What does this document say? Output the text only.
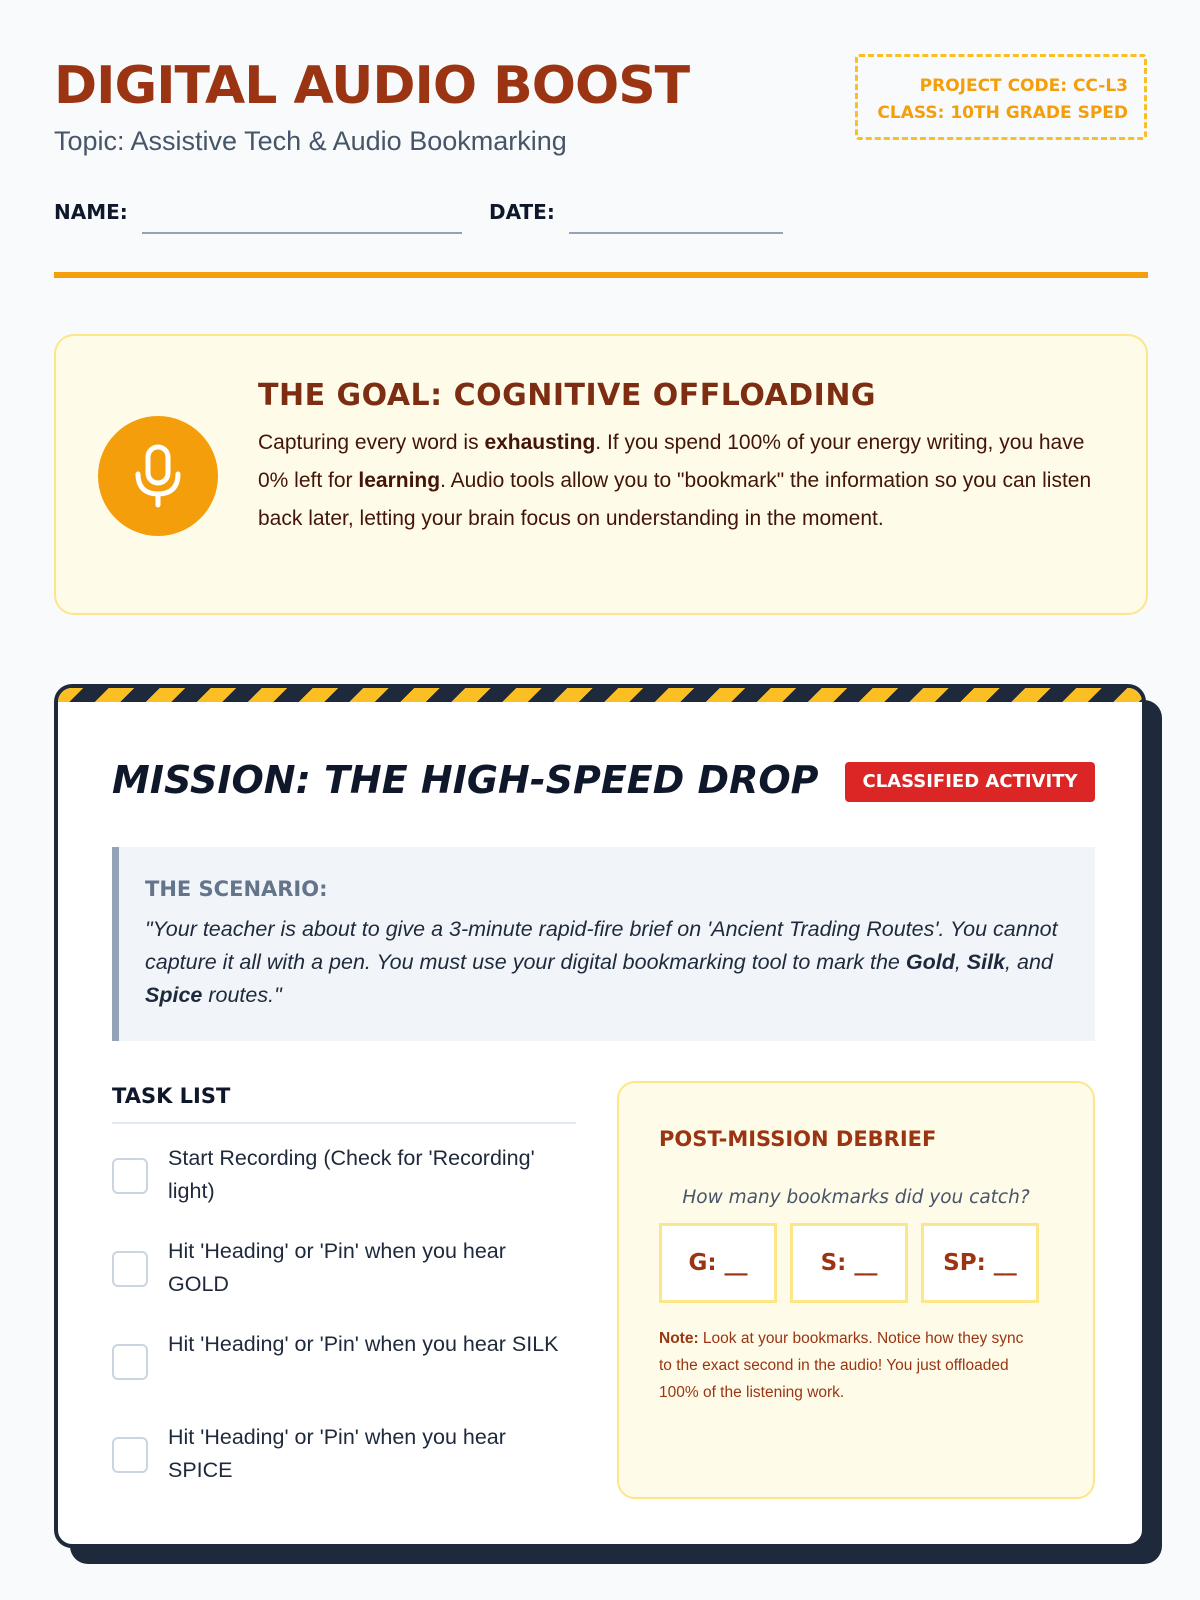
DIGITAL AUDIO BOOST
Topic: Assistive Tech & Audio Bookmarking
PROJECT CODE: CC-L3
CLASS: 10TH GRADE SPED
NAME:	DATE:
THE GOAL: COGNITIVE OFFLOADING
Capturing every word is exhausting. If you spend 100% of your energy writing, you have 0% left for learning. Audio tools allow you to "bookmark" the information so you can listen back later, letting your brain focus on understanding in the moment.
MISSION: THE HIGH-SPEED DROP	CLASSIFIED ACTIVITY
THE SCENARIO:
"Your teacher is about to give a 3-minute rapid-fire brief on 'Ancient Trading Routes'. You cannot capture it all with a pen. You must use your digital bookmarking tool to mark the Gold, Silk, and Spice routes."
TASK LIST
Start Recording (Check for 'Recording' light)
Hit 'Heading' or 'Pin' when you hear GOLD
Hit 'Heading' or 'Pin' when you hear SILK
Hit 'Heading' or 'Pin' when you hear SPICE
POST-MISSION DEBRIEF
How many bookmarks did you catch?
G: __	S: __	SP: __
Note: Look at your bookmarks. Notice how they sync to the exact second in the audio! You just offloaded 100% of the listening work.
